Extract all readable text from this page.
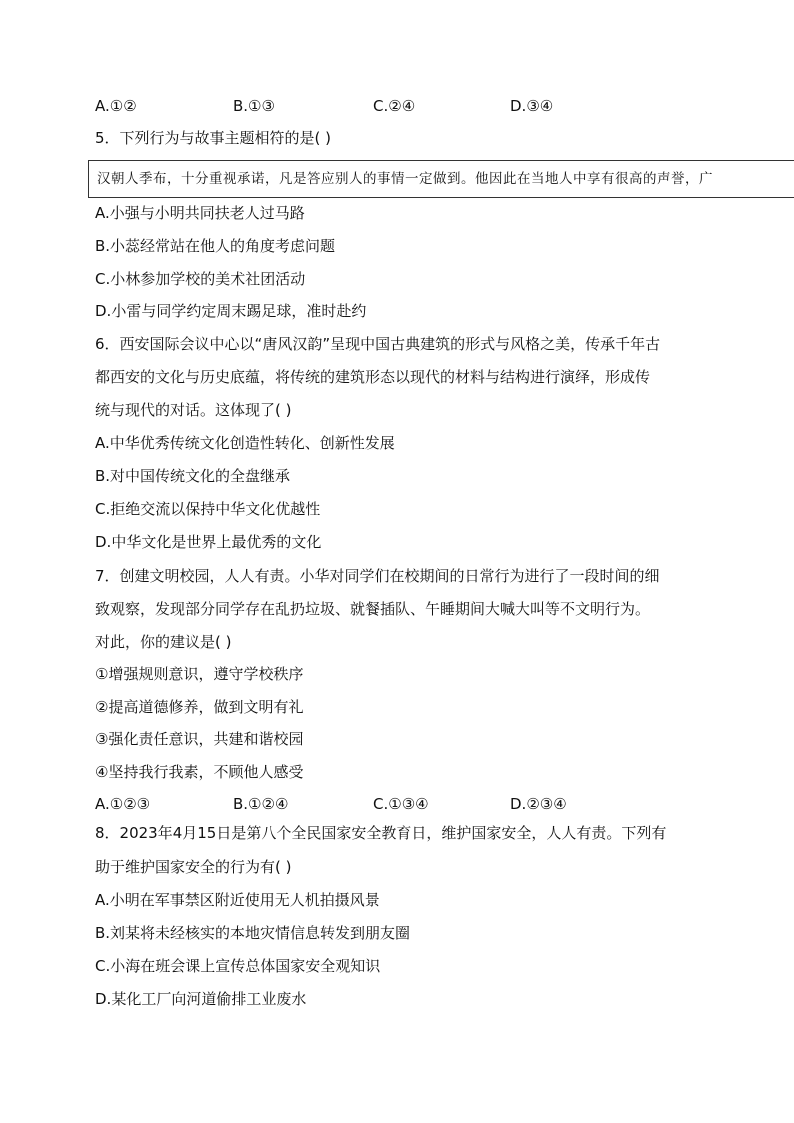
A.①②	B.①③	C.②④	D.③④
5．下列行为与故事主题相符的是( )
汉朝人季布，十分重视承诺，凡是答应别人的事情一定做到。他因此在当地人中享有很高的声誉，广
A.小强与小明共同扶老人过马路
B.小蕊经常站在他人的角度考虑问题
C.小林参加学校的美术社团活动
D.小雷与同学约定周末踢足球，准时赴约
6．西安国际会议中心以“唐风汉韵”呈现中国古典建筑的形式与风格之美，传承千年古
都西安的文化与历史底蕴，将传统的建筑形态以现代的材料与结构进行演绎，形成传
统与现代的对话。这体现了( )
A.中华优秀传统文化创造性转化、创新性发展
B.对中国传统文化的全盘继承
C.拒绝交流以保持中华文化优越性
D.中华文化是世界上最优秀的文化
7．创建文明校园，人人有责。小华对同学们在校期间的日常行为进行了一段时间的细
致观察，发现部分同学存在乱扔垃圾、就餐插队、午睡期间大喊大叫等不文明行为。
对此，你的建议是( )
①增强规则意识，遵守学校秩序
②提高道德修养，做到文明有礼
③强化责任意识，共建和谐校园
④坚持我行我素，不顾他人感受
A.①②③	B.①②④	C.①③④	D.②③④
8．2023年4月15日是第八个全民国家安全教育日，维护国家安全，人人有责。下列有
助于维护国家安全的行为有( )
A.小明在军事禁区附近使用无人机拍摄风景
B.刘某将未经核实的本地灾情信息转发到朋友圈
C.小海在班会课上宣传总体国家安全观知识
D.某化工厂向河道偷排工业废水
